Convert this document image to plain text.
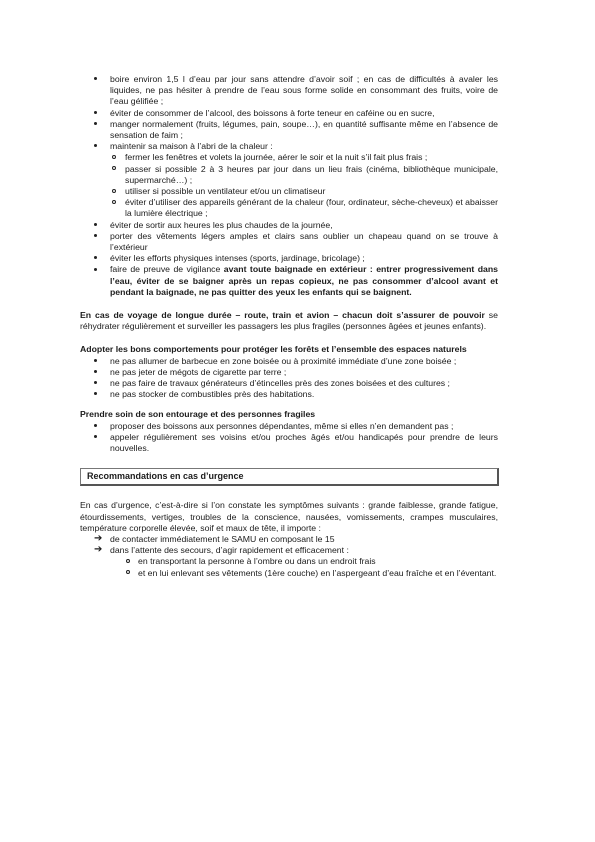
boire environ 1,5 l d’eau par jour sans attendre d’avoir soif ; en cas de difficultés à avaler les liquides, ne pas hésiter à prendre de l’eau sous forme solide en consommant des fruits, voire de l’eau gélifiée ;
éviter de consommer de l’alcool, des boissons à forte teneur en caféine ou en sucre,
manger normalement (fruits, légumes, pain, soupe…), en quantité suffisante même en l’absence de sensation de faim ;
maintenir sa maison à l’abri de la chaleur :
fermer les fenêtres et volets la journée, aérer le soir et la nuit s’il fait plus frais ;
passer si possible 2 à 3 heures par jour dans un lieu frais (cinéma, bibliothèque municipale, supermarché…) ;
utiliser si possible un ventilateur et/ou un climatiseur
éviter d’utiliser des appareils générant de la chaleur (four, ordinateur, sèche-cheveux) et abaisser la lumière électrique ;
éviter de sortir aux heures les plus chaudes de la journée,
porter des vêtements légers amples et clairs sans oublier un chapeau quand on se trouve à l’extérieur
éviter les efforts physiques intenses (sports, jardinage, bricolage) ;
faire de preuve de vigilance avant toute baignade en extérieur : entrer progressivement dans l’eau, éviter de se baigner après un repas copieux, ne pas consommer d’alcool avant et pendant la baignade, ne pas quitter des yeux les enfants qui se baignent.

En cas de voyage de longue durée – route, train et avion – chacun doit s’assurer de pouvoir se réhydrater régulièrement et surveiller les passagers les plus fragiles (personnes âgées et jeunes enfants).

Adopter les bons comportements pour protéger les forêts et l’ensemble des espaces naturels
ne pas allumer de barbecue en zone boisée ou à proximité immédiate d’une zone boisée ;
ne pas jeter de mégots de cigarette par terre ;
ne pas faire de travaux générateurs d’étincelles près des zones boisées et des cultures ;
ne pas stocker de combustibles près des habitations.
Prendre soin de son entourage et des personnes fragiles
proposer des boissons aux personnes dépendantes, même si elles n’en demandent pas ;
appeler régulièrement ses voisins et/ou proches âgés et/ou handicapés pour prendre de leurs nouvelles.
Recommandations en cas d’urgence

En cas d’urgence, c’est-à-dire si l’on constate les symptômes suivants : grande faiblesse, grande fatigue, étourdissements, vertiges, troubles de la conscience, nausées, vomissements, crampes musculaires, température corporelle élevée, soif et maux de tête, il importe :

➔ de contacter immédiatement le SAMU en composant le 15
➔ dans l’attente des secours, d’agir rapidement et efficacement :
en transportant la personne à l’ombre ou dans un endroit frais
et en lui enlevant ses vêtements (1ère couche) en l’aspergeant d’eau fraîche et en l’éventant.
